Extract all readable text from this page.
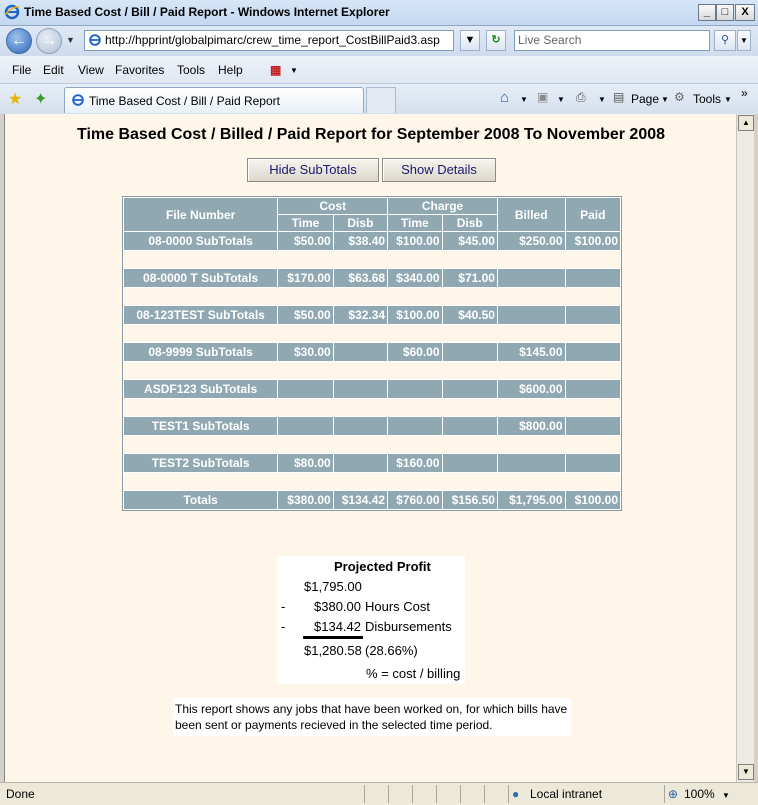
Time Based Cost / Bill / Paid Report - Windows Internet Explorer	_	□	X
← →	▼	http://hpprint/globalpimarc/crew_time_report_CostBillPaid3.asp	▼	↻	Live Search	⚲	▼
File Edit View Favorites Tools Help ▦ ▼
★ ✦	Time Based Cost / Bill / Paid Report	⌂ ▼ ▣ ▼ ⎙ ▼ ▤ Page ▼ ⚙ Tools ▼ »
Time Based Cost / Billed / Paid Report for September 2008 To November 2008
Hide SubTotals	Show Details
File Number	Cost		Charge		Billed	Paid
	Time	Disb	Time	Disb		
08-0000 SubTotals	$50.00	$38.40	$100.00	$45.00	$250.00	$100.00

08-0000 T SubTotals	$170.00	$63.68	$340.00	$71.00		

08-123TEST SubTotals	$50.00	$32.34	$100.00	$40.50		

08-9999 SubTotals	$30.00		$60.00		$145.00	

ASDF123 SubTotals					$600.00	

TEST1 SubTotals					$800.00	

TEST2 SubTotals	$80.00		$160.00			

Totals	$380.00	$134.42	$760.00	$156.50	$1,795.00	$100.00
Projected Profit
$1,795.00
- $380.00 Hours Cost
- $134.42 Disbursements
$1,280.58 (28.66%)
% = cost / billing
This report shows any jobs that have been worked on, for which bills have been sent or payments recieved in the selected time period.
▲
▼
Done	● Local intranet	⊕ 100% ▼
